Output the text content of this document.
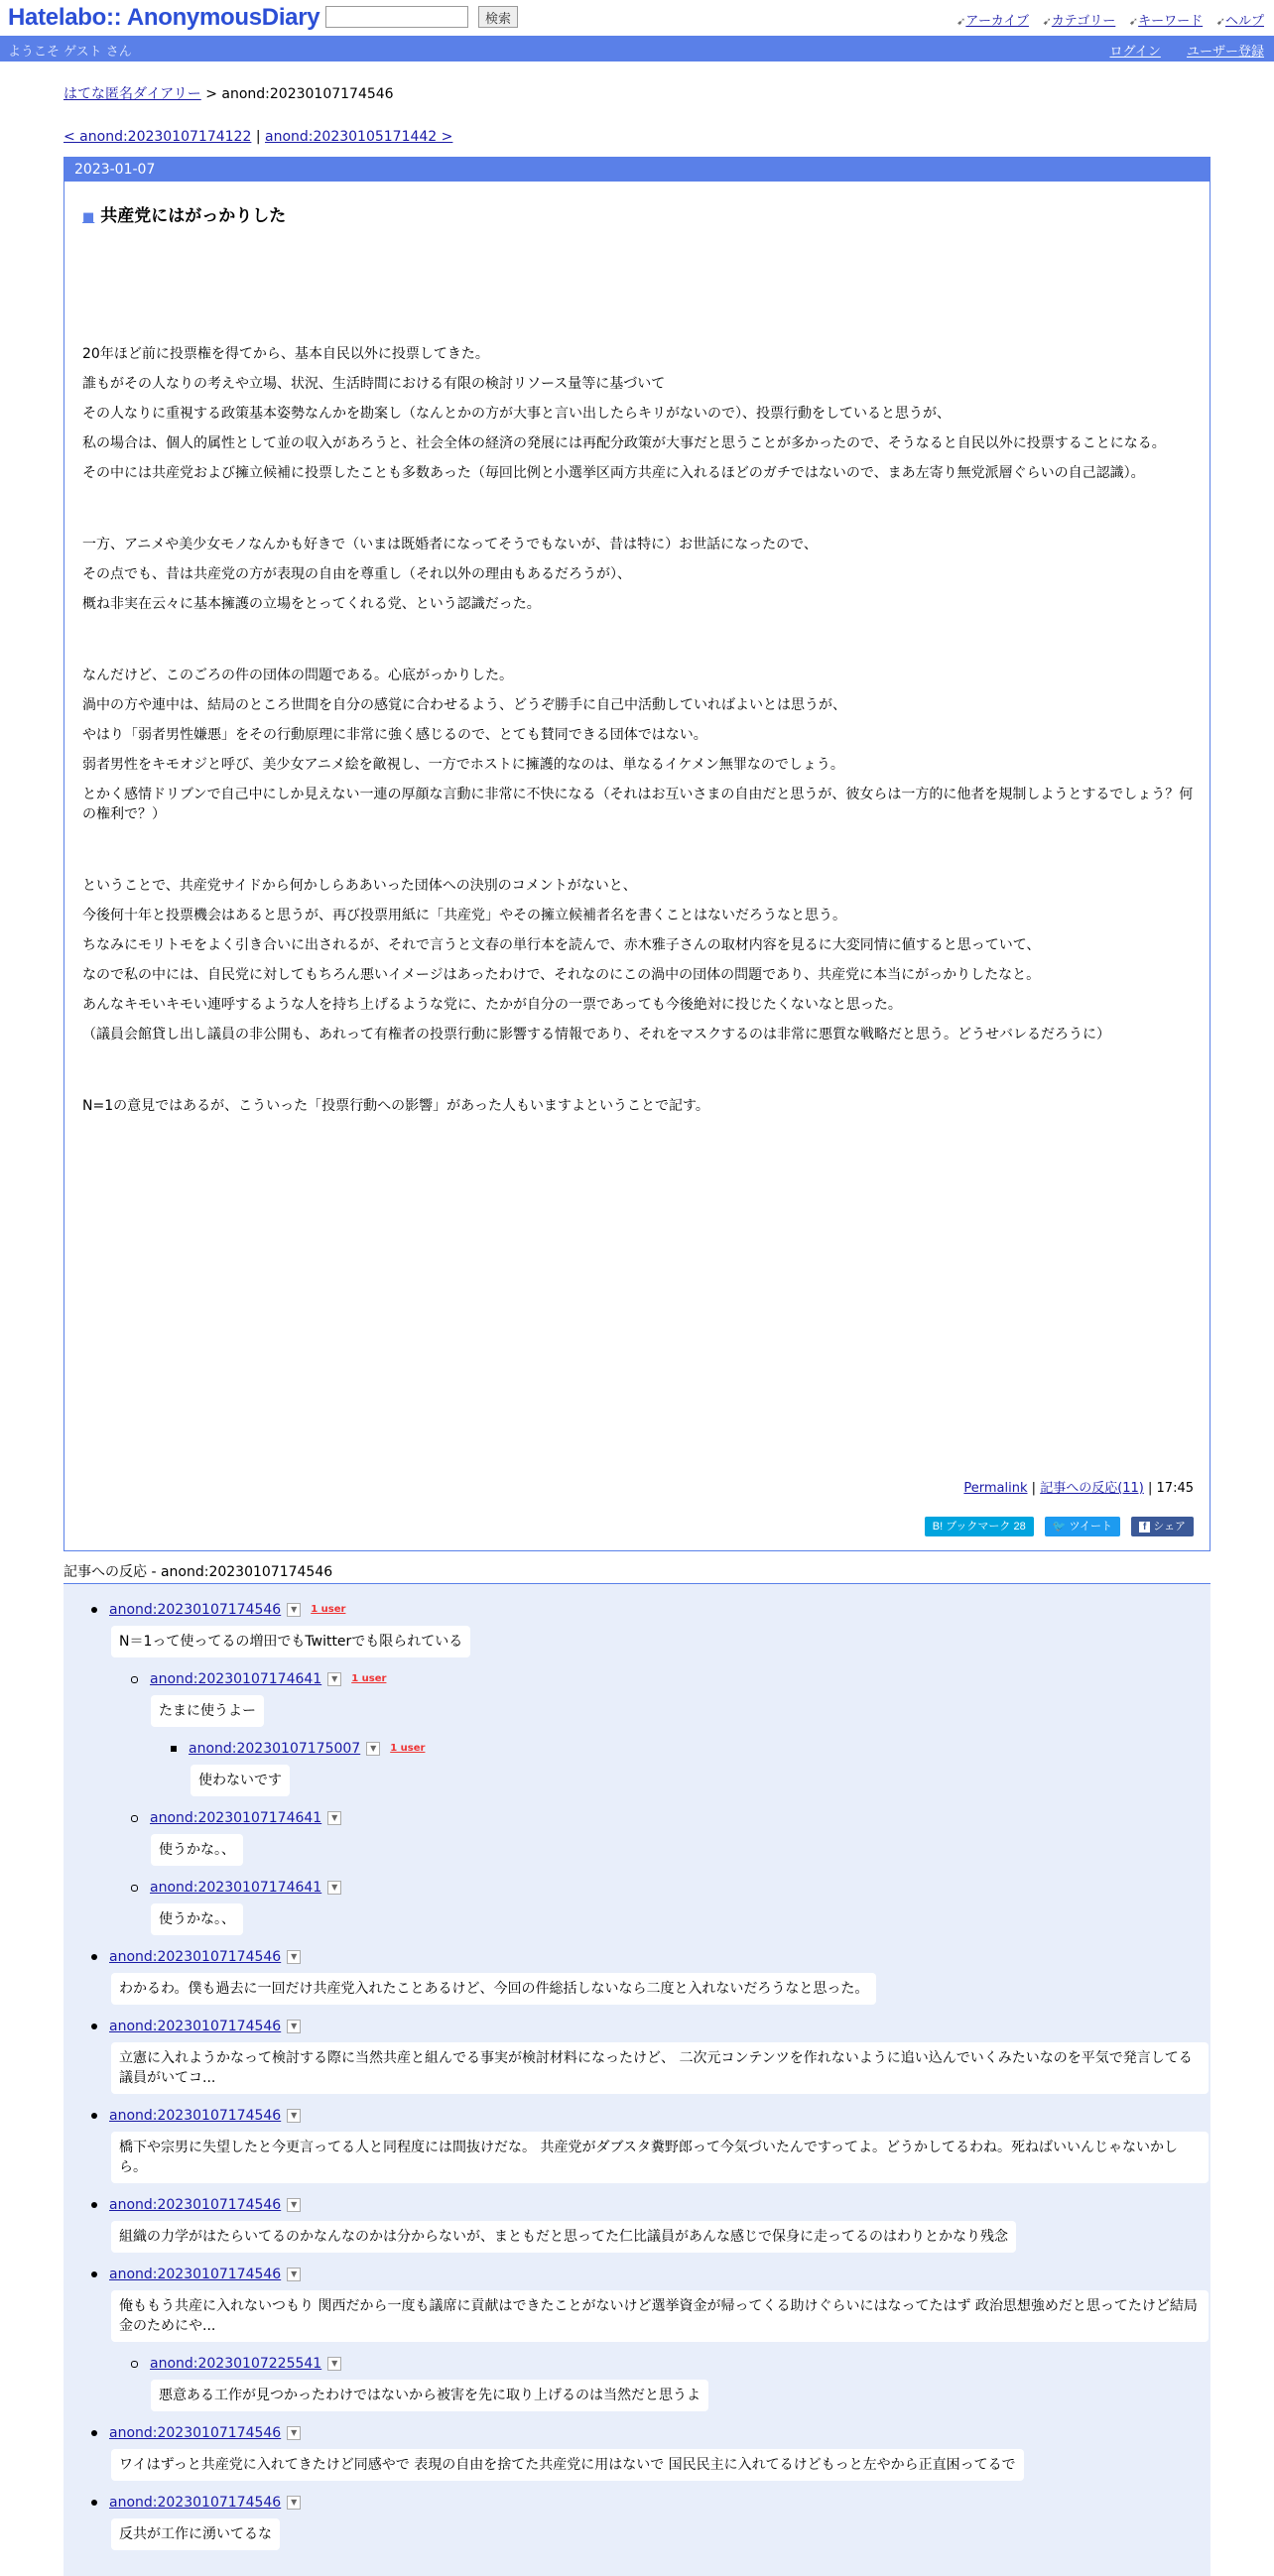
Hatelabo:: AnonymousDiary	検索	➹アーカイブ ➹カテゴリー ➹キーワード ➹ヘルプ
ようこそ ゲスト さん	ログイン ユーザー登録
はてな匿名ダイアリー > anond:20230107174546
< anond:20230107174122 | anond:20230105171442 >
2023-01-07
■ 共産党にはがっかりした

20年ほど前に投票権を得てから、基本自民以外に投票してきた。

誰もがその人なりの考えや立場、状況、生活時間における有限の検討リソース量等に基づいて

その人なりに重視する政策基本姿勢なんかを勘案し（なんとかの方が大事と言い出したらキリがないので）、投票行動をしていると思うが、

私の場合は、個人的属性として並の収入があろうと、社会全体の経済の発展には再配分政策が大事だと思うことが多かったので、そうなると自民以外に投票することになる。

その中には共産党および擁立候補に投票したことも多数あった（毎回比例と小選挙区両方共産に入れるほどのガチではないので、まあ左寄り無党派層ぐらいの自己認識）。

一方、アニメや美少女モノなんかも好きで（いまは既婚者になってそうでもないが、昔は特に）お世話になったので、

その点でも、昔は共産党の方が表現の自由を尊重し（それ以外の理由もあるだろうが）、

概ね非実在云々に基本擁護の立場をとってくれる党、という認識だった。

なんだけど、このごろの件の団体の問題である。心底がっかりした。

渦中の方や連中は、結局のところ世間を自分の感覚に合わせるよう、どうぞ勝手に自己中活動していればよいとは思うが、

やはり「弱者男性嫌悪」をその行動原理に非常に強く感じるので、とても賛同できる団体ではない。

弱者男性をキモオジと呼び、美少女アニメ絵を敵視し、一方でホストに擁護的なのは、単なるイケメン無罪なのでしょう。

とかく感情ドリブンで自己中にしか見えない一連の厚顔な言動に非常に不快になる（それはお互いさまの自由だと思うが、彼女らは一方的に他者を規制しようとするでしょう？何の権利で？）

ということで、共産党サイドから何かしらああいった団体への決別のコメントがないと、

今後何十年と投票機会はあると思うが、再び投票用紙に「共産党」やその擁立候補者名を書くことはないだろうなと思う。

ちなみにモリトモをよく引き合いに出されるが、それで言うと文春の単行本を読んで、赤木雅子さんの取材内容を見るに大変同情に値すると思っていて、

なので私の中には、自民党に対してもちろん悪いイメージはあったわけで、それなのにこの渦中の団体の問題であり、共産党に本当にがっかりしたなと。

あんなキモいキモい連呼するような人を持ち上げるような党に、たかが自分の一票であっても今後絶対に投じたくないなと思った。

（議員会館貸し出し議員の非公開も、あれって有権者の投票行動に影響する情報であり、それをマスクするのは非常に悪質な戦略だと思う。どうせバレるだろうに）

N=1の意見ではあるが、こういった「投票行動への影響」があった人もいますよということで記す。

Permalink | 記事への反応(11) | 17:45
B! ブックマーク 28 🐦 ツイート	f シェア
記事への反応 - anond:20230107174546
anond:20230107174546 ▼ 1 user
N＝1って使ってるの増田でもTwitterでも限られている
anond:20230107174641 ▼ 1 user
たまに使うよー
anond:20230107175007 ▼ 1 user
使わないです
anond:20230107174641 ▼
使うかな。、
anond:20230107174641 ▼
使うかな。、
anond:20230107174546 ▼
わかるわ。僕も過去に一回だけ共産党入れたことあるけど、今回の件総括しないなら二度と入れないだろうなと思った。
anond:20230107174546 ▼
立憲に入れようかなって検討する際に当然共産と組んでる事実が検討材料になったけど、 二次元コンテンツを作れないように追い込んでいくみたいなのを平気で発言してる議員がいてコ...
anond:20230107174546 ▼
橋下や宗男に失望したと今更言ってる人と同程度には間抜けだな。 共産党がダブスタ糞野郎って今気づいたんですってよ。どうかしてるわね。死ねばいいんじゃないかしら。
anond:20230107174546 ▼
組織の力学がはたらいてるのかなんなのかは分からないが、まともだと思ってた仁比議員があんな感じで保身に走ってるのはわりとかなり残念
anond:20230107174546 ▼
俺ももう共産に入れないつもり 関西だから一度も議席に貢献はできたことがないけど選挙資金が帰ってくる助けぐらいにはなってたはず 政治思想強めだと思ってたけど結局金のためにや...
anond:20230107225541 ▼
悪意ある工作が見つかったわけではないから被害を先に取り上げるのは当然だと思うよ
anond:20230107174546 ▼
ワイはずっと共産党に入れてきたけど同感やで 表現の自由を捨てた共産党に用はないで 国民民主に入れてるけどもっと左やから正直困ってるで
anond:20230107174546 ▼
反共が工作に湧いてるな
